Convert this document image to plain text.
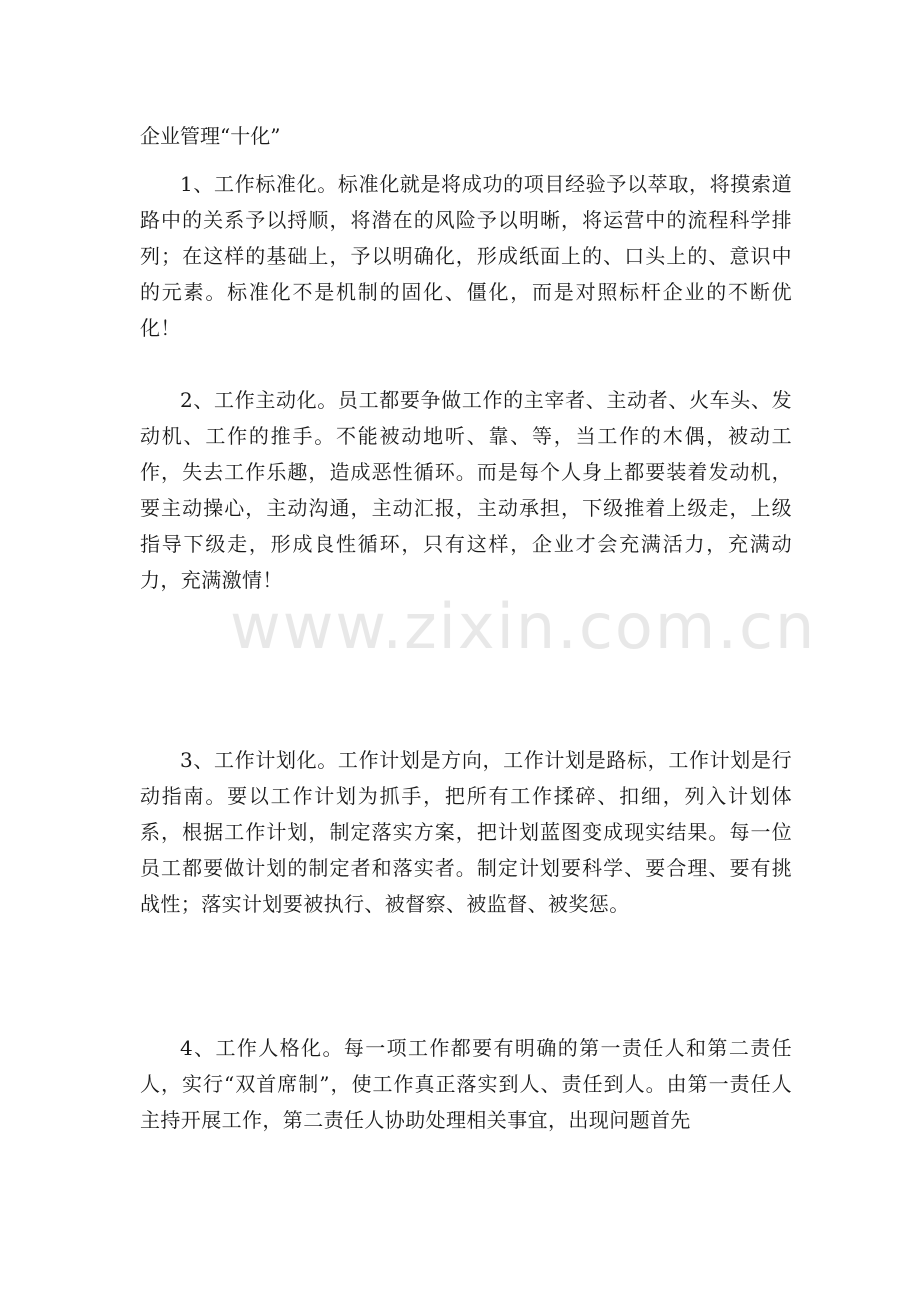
企业管理“十化”

1、工作标准化。标准化就是将成功的项目经验予以萃取，将摸索道路中的关系予以捋顺，将潜在的风险予以明晰，将运营中的流程科学排列；在这样的基础上，予以明确化，形成纸面上的、口头上的、意识中的元素。标准化不是机制的固化、僵化，而是对照标杆企业的不断优化！

2、工作主动化。员工都要争做工作的主宰者、主动者、火车头、发动机、工作的推手。不能被动地听、靠、等，当工作的木偶，被动工作，失去工作乐趣，造成恶性循环。而是每个人身上都要装着发动机，要主动操心，主动沟通，主动汇报，主动承担，下级推着上级走，上级指导下级走，形成良性循环，只有这样，企业才会充满活力，充满动力，充满激情！

3、工作计划化。工作计划是方向，工作计划是路标，工作计划是行动指南。要以工作计划为抓手，把所有工作揉碎、扣细，列入计划体系，根据工作计划，制定落实方案，把计划蓝图变成现实结果。每一位员工都要做计划的制定者和落实者。制定计划要科学、要合理、要有挑战性；落实计划要被执行、被督察、被监督、被奖惩。

4、工作人格化。每一项工作都要有明确的第一责任人和第二责任人，实行“双首席制”，使工作真正落实到人、责任到人。由第一责任人主持开展工作，第二责任人协助处理相关事宜，出现问题首先

www.zixin.com.cn
